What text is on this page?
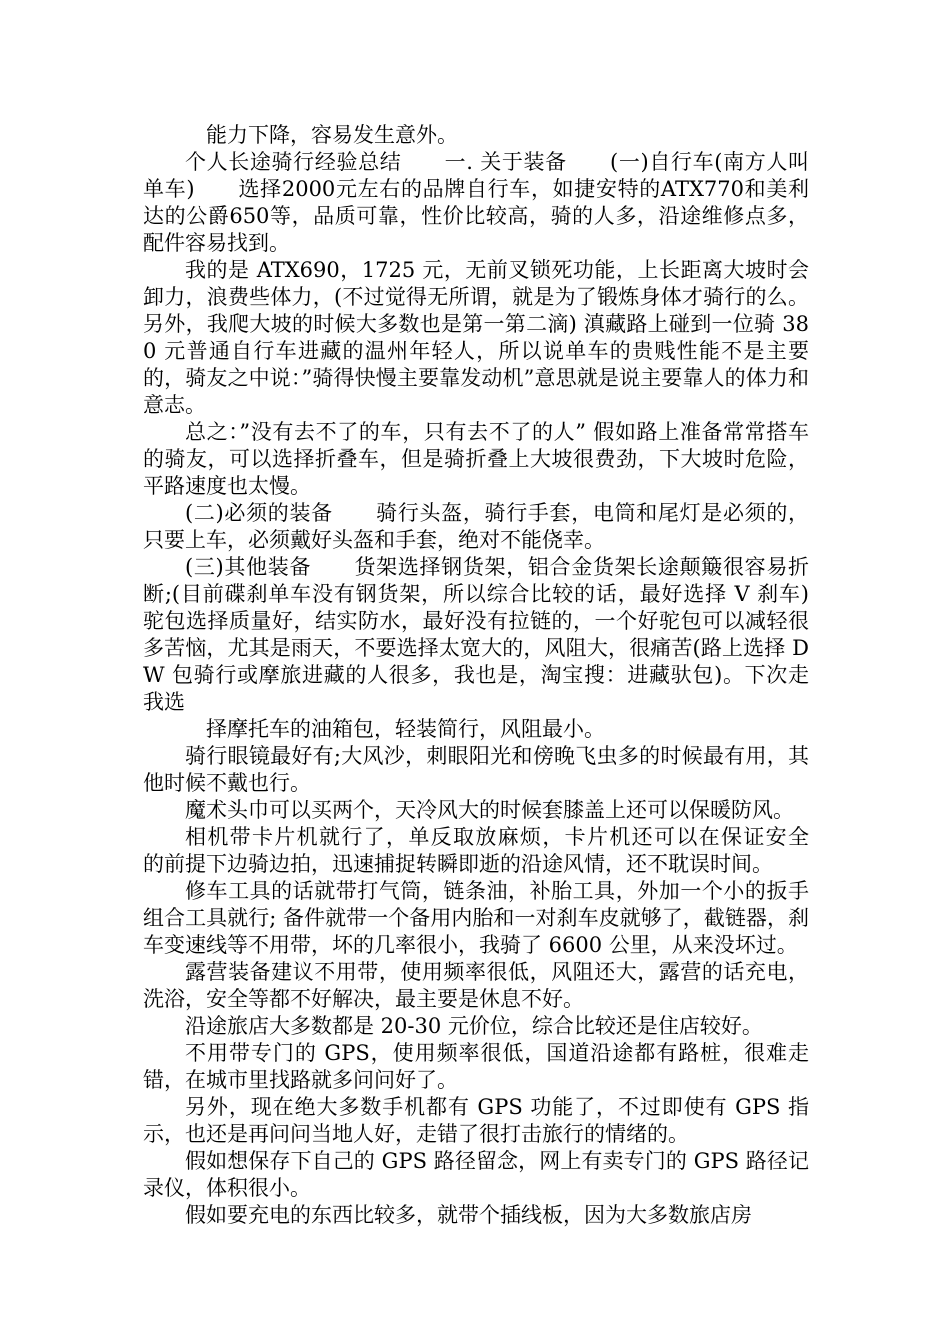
能力下降，容易发生意外。

个人长途骑行经验总结　　一. 关于装备　　(一)自行车(南方人叫单车)　　选择2000元左右的品牌自行车，如捷安特的ATX770和美利达的公爵650等，品质可靠，性价比较高，骑的人多，沿途维修点多，配件容易找到。

我的是 ATX690，1725 元，无前叉锁死功能，上长距离大坡时会卸力，浪费些体力，(不过觉得无所谓，就是为了锻炼身体才骑行的么。另外，我爬大坡的时候大多数也是第一第二滴) 滇藏路上碰到一位骑 380 元普通自行车进藏的温州年轻人，所以说单车的贵贱性能不是主要的，骑友之中说：”骑得快慢主要靠发动机”意思就是说主要靠人的体力和意志。

总之：”没有去不了的车，只有去不了的人” 假如路上准备常常搭车的骑友，可以选择折叠车，但是骑折叠上大坡很费劲，下大坡时危险，平路速度也太慢。

(二)必须的装备　　骑行头盔，骑行手套，电筒和尾灯是必须的，只要上车，必须戴好头盔和手套，绝对不能侥幸。

(三)其他装备　　货架选择钢货架，铝合金货架长途颠簸很容易折断;(目前碟刹单车没有钢货架，所以综合比较的话，最好选择 V 刹车)　　驼包选择质量好，结实防水，最好没有拉链的，一个好驼包可以减轻很多苦恼，尤其是雨天，不要选择太宽大的，风阻大，很痛苦(路上选择 DW 包骑行或摩旅进藏的人很多，我也是，淘宝搜：进藏驮包)。下次走我选

择摩托车的油箱包，轻装简行，风阻最小。

骑行眼镜最好有;大风沙，刺眼阳光和傍晚飞虫多的时候最有用，其他时候不戴也行。

魔术头巾可以买两个，天冷风大的时候套膝盖上还可以保暖防风。

相机带卡片机就行了，单反取放麻烦，卡片机还可以在保证安全　　的前提下边骑边拍，迅速捕捉转瞬即逝的沿途风情，还不耽误时间。

修车工具的话就带打气筒，链条油，补胎工具，外加一个小的扳手组合工具就行; 备件就带一个备用内胎和一对刹车皮就够了，截链器，刹车变速线等不用带，坏的几率很小，我骑了 6600 公里，从来没坏过。

露营装备建议不用带，使用频率很低，风阻还大，露营的话充电，洗浴，安全等都不好解决，最主要是休息不好。

沿途旅店大多数都是 20-30 元价位，综合比较还是住店较好。

不用带专门的 GPS，使用频率很低，国道沿途都有路桩，很难走错，在城市里找路就多问问好了。

另外，现在绝大多数手机都有 GPS 功能了，不过即使有 GPS 指示，也还是再问问当地人好，走错了很打击旅行的情绪的。

假如想保存下自己的 GPS 路径留念，网上有卖专门的 GPS 路径记录仪，体积很小。

假如要充电的东西比较多，就带个插线板，因为大多数旅店房
